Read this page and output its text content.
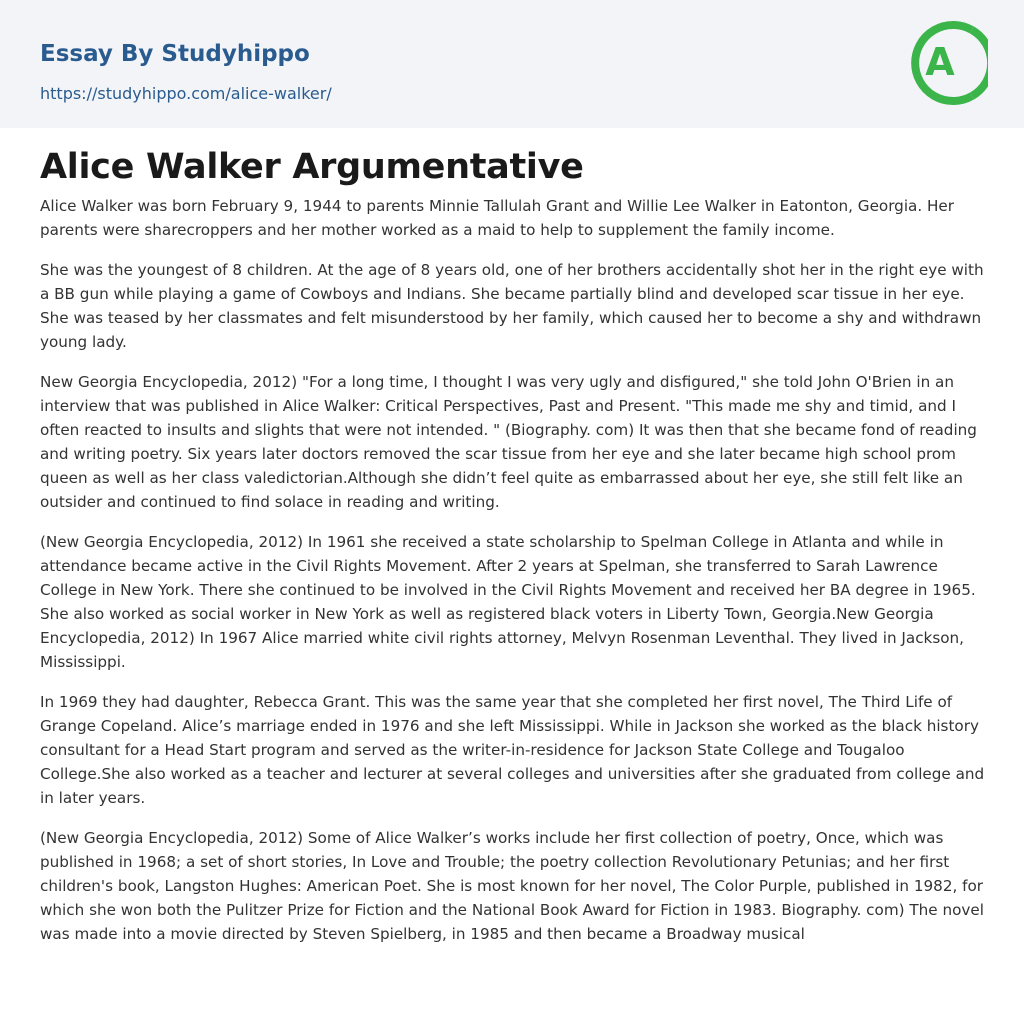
Essay By Studyhippo
https://studyhippo.com/alice-walker/
A
Alice Walker Argumentative

Alice Walker was born February 9, 1944 to parents Minnie Tallulah Grant and Willie Lee Walker in Eatonton, Georgia. Her parents were sharecroppers and her mother worked as a maid to help to supplement the family income.

She was the youngest of 8 children. At the age of 8 years old, one of her brothers accidentally shot her in the right eye with a BB gun while playing a game of Cowboys and Indians. She became partially blind and developed scar tissue in her eye. She was teased by her classmates and felt misunderstood by her family, which caused her to become a shy and withdrawn young lady.

New Georgia Encyclopedia, 2012) "For a long time, I thought I was very ugly and disfigured," she told John O'Brien in an interview that was published in Alice Walker: Critical Perspectives, Past and Present. "This made me shy and timid, and I often reacted to insults and slights that were not intended. " (Biography. com) It was then that she became fond of reading and writing poetry. Six years later doctors removed the scar tissue from her eye and she later became high school prom queen as well as her class valedictorian.Although she didn’t feel quite as embarrassed about her eye, she still felt like an outsider and continued to find solace in reading and writing.

(New Georgia Encyclopedia, 2012) In 1961 she received a state scholarship to Spelman College in Atlanta and while in attendance became active in the Civil Rights Movement. After 2 years at Spelman, she transferred to Sarah Lawrence College in New York. There she continued to be involved in the Civil Rights Movement and received her BA degree in 1965. She also worked as social worker in New York as well as registered black voters in Liberty Town, Georgia.New Georgia Encyclopedia, 2012) In 1967 Alice married white civil rights attorney, Melvyn Rosenman Leventhal. They lived in Jackson, Mississippi.

In 1969 they had daughter, Rebecca Grant. This was the same year that she completed her first novel, The Third Life of Grange Copeland. Alice’s marriage ended in 1976 and she left Mississippi. While in Jackson she worked as the black history consultant for a Head Start program and served as the writer-in-residence for Jackson State College and Tougaloo College.She also worked as a teacher and lecturer at several colleges and universities after she graduated from college and in later years.

(New Georgia Encyclopedia, 2012) Some of Alice Walker’s works include her first collection of poetry, Once, which was published in 1968; a set of short stories, In Love and Trouble; the poetry collection Revolutionary Petunias; and her first children's book, Langston Hughes: American Poet. She is most known for her novel, The Color Purple, published in 1982, for which she won both the Pulitzer Prize for Fiction and the National Book Award for Fiction in 1983. Biography. com) The novel was made into a movie directed by Steven Spielberg, in 1985 and then became a Broadway musical
